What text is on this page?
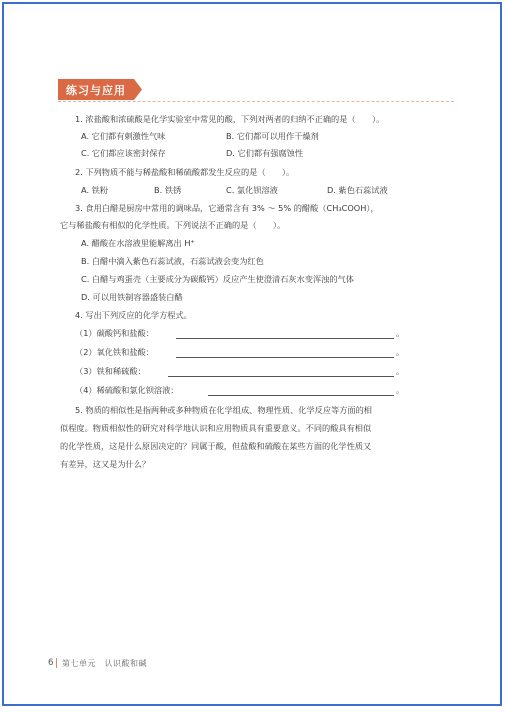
练习与应用
1. 浓盐酸和浓硫酸是化学实验室中常见的酸，下列对两者的归纳不正确的是（　　）。
A. 它们都有刺激性气味	B. 它们都可以用作干燥剂
C. 它们都应该密封保存	D. 它们都有强腐蚀性
2. 下列物质不能与稀盐酸和稀硫酸都发生反应的是（　　）。
A. 铁粉	B. 铁锈	C. 氯化钡溶液	D. 紫色石蕊试液
3. 食用白醋是厨房中常用的调味品，它通常含有 3% ～ 5% 的醋酸（CH₃COOH），
它与稀盐酸有相似的化学性质。下列说法不正确的是（　　）。
A. 醋酸在水溶液里能解离出 H⁺
B. 白醋中滴入紫色石蕊试液，石蕊试液会变为红色
C. 白醋与鸡蛋壳（主要成分为碳酸钙）反应产生使澄清石灰水变浑浊的气体
D. 可以用铁制容器盛装白醋
4. 写出下列反应的化学方程式。
（1）碳酸钙和盐酸：	。
（2）氧化铁和盐酸：	。
（3）铁和稀硫酸：	。
（4）稀硫酸和氯化钡溶液：	。
5. 物质的相似性是指两种或多种物质在化学组成、物理性质、化学反应等方面的相
似程度。物质相似性的研究对科学地认识和应用物质具有重要意义。不同的酸具有相似
的化学性质，这是什么原因决定的？同属于酸，但盐酸和硫酸在某些方面的化学性质又
有差异，这又是为什么？
6 第七单元　认识酸和碱
